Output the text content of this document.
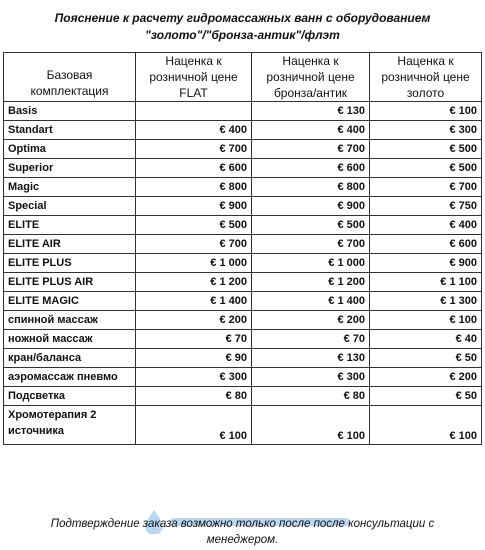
Пояснение к расчету гидромассажных ванн с оборудованием
"золото"/"бронза-антик"/флэт
Базовая
комплектация	Наценка к розничной цене FLAT	Наценка к розничной цене бронза/антик	Наценка к розничной цене золото
Basis		€ 130	€ 100
Standart	€ 400	€ 400	€ 300
Optima	€ 700	€ 700	€ 500
Superior	€ 600	€ 600	€ 500
Magic	€ 800	€ 800	€ 700
Special	€ 900	€ 900	€ 750
ELITE	€ 500	€ 500	€ 400
ELITE AIR	€ 700	€ 700	€ 600
ELITE PLUS	€ 1 000	€ 1 000	€ 900
ELITE PLUS AIR	€ 1 200	€ 1 200	€ 1 100
ELITE MAGIC	€ 1 400	€ 1 400	€ 1 300
спинной массаж	€ 200	€ 200	€ 100
ножной массаж	€ 70	€ 70	€ 40
кран/баланса	€ 90	€ 130	€ 50
аэромассаж пневмо	€ 300	€ 300	€ 200
Подсветка	€ 80	€ 80	€ 50
Хромотерапия 2 источника	€ 100	€ 100	€ 100
Подтверждение заказа возможно только после после консультации с
менеджером.
